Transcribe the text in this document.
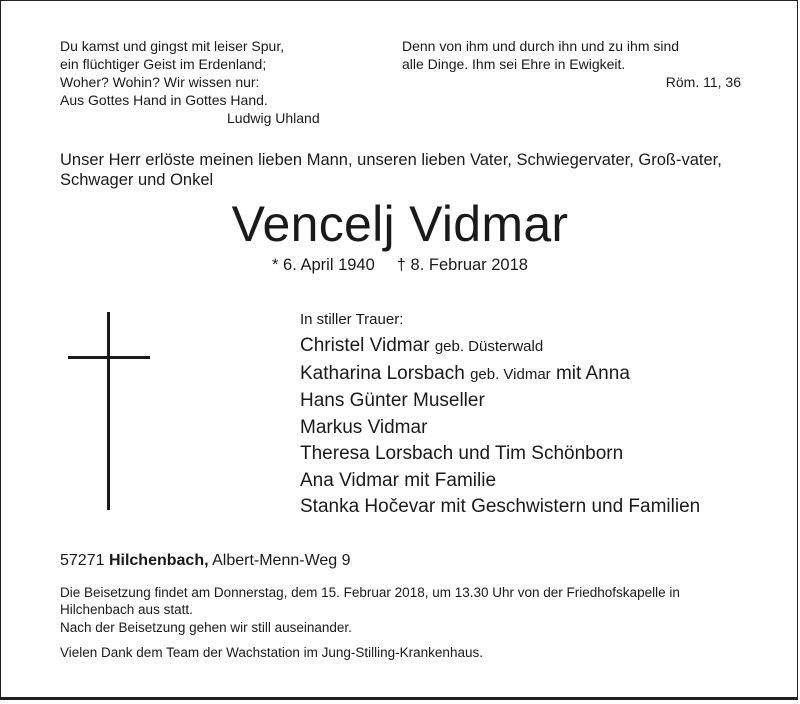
Du kamst und gingst mit leiser Spur,
ein flüchtiger Geist im Erdenland;
Woher? Wohin? Wir wissen nur:
Aus Gottes Hand in Gottes Hand.
Ludwig Uhland
Denn von ihm und durch ihn und zu ihm sind
alle Dinge. Ihm sei Ehre in Ewigkeit.
Röm. 11, 36
Unser Herr erlöste meinen lieben Mann, unseren lieben Vater, Schwiegervater, Groß-vater, Schwager und Onkel
Vencelj Vidmar
* 6. April 1940 † 8. Februar 2018
In stiller Trauer:
Christel Vidmar geb. Düsterwald
Katharina Lorsbach geb. Vidmar mit Anna
Hans Günter Museller
Markus Vidmar
Theresa Lorsbach und Tim Schönborn
Ana Vidmar mit Familie
Stanka Hočevar mit Geschwistern und Familien
57271 Hilchenbach, Albert-Menn-Weg 9

Die Beisetzung findet am Donnerstag, dem 15. Februar 2018, um 13.30 Uhr von der Friedhofskapelle in Hilchenbach aus statt.

Nach der Beisetzung gehen wir still auseinander.

Vielen Dank dem Team der Wachstation im Jung-Stilling-Krankenhaus.
